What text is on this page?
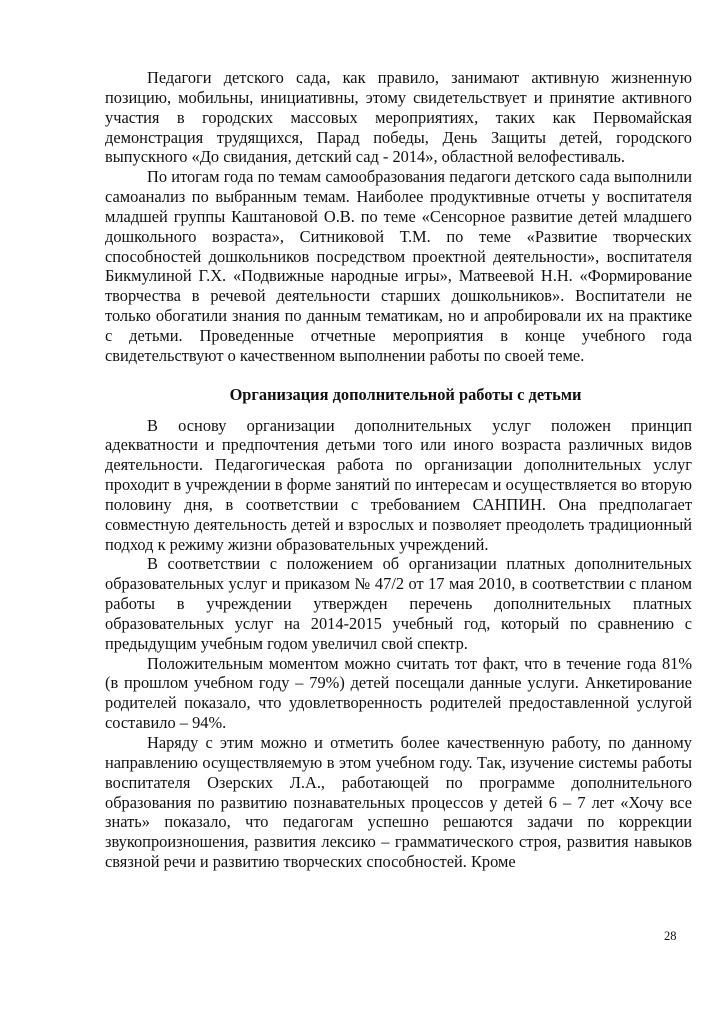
Педагоги детского сада, как правило, занимают активную жизненную позицию, мобильны, инициативны, этому свидетельствует и принятие активного участия в городских массовых мероприятиях, таких как Первомайская демонстрация трудящихся, Парад победы, День Защиты детей, городского выпускного «До свидания, детский сад - 2014», областной велофестиваль.

По итогам года по темам самообразования педагоги детского сада выполнили самоанализ по выбранным темам. Наиболее продуктивные отчеты у воспитателя младшей группы Каштановой О.В. по теме «Сенсорное развитие детей младшего дошкольного возраста», Ситниковой Т.М. по теме «Развитие творческих способностей дошкольников посредством проектной деятельности», воспитателя Бикмулиной Г.Х. «Подвижные народные игры», Матвеевой Н.Н. «Формирование творчества в речевой деятельности старших дошкольников». Воспитатели не только обогатили знания по данным тематикам, но и апробировали их на практике с детьми. Проведенные отчетные мероприятия в конце учебного года свидетельствуют о качественном выполнении работы по своей теме.

Организация дополнительной работы с детьми

В основу организации дополнительных услуг положен принцип адекватности и предпочтения детьми того или иного возраста различных видов деятельности. Педагогическая работа по организации дополнительных услуг проходит в учреждении в форме занятий по интересам и осуществляется во вторую половину дня, в соответствии с требованием САНПИН. Она предполагает совместную деятельность детей и взрослых и позволяет преодолеть традиционный подход к режиму жизни образовательных учреждений.

В соответствии с положением об организации платных дополнительных образовательных услуг и приказом № 47/2 от 17 мая 2010, в соответствии с планом работы в учреждении утвержден перечень дополнительных платных образовательных услуг на 2014-2015 учебный год, который по сравнению с предыдущим учебным годом увеличил свой спектр.

Положительным моментом можно считать тот факт, что в течение года 81% (в прошлом учебном году – 79%) детей посещали данные услуги. Анкетирование родителей показало, что удовлетворенность родителей предоставленной услугой составило – 94%.

Наряду с этим можно и отметить более качественную работу, по данному направлению осуществляемую в этом учебном году. Так, изучение системы работы воспитателя Озерских Л.А., работающей по программе дополнительного образования по развитию познавательных процессов у детей 6 – 7 лет «Хочу все знать» показало, что педагогам успешно решаются задачи по коррекции звукопроизношения, развития лексико – грамматического строя, развития навыков связной речи и развитию творческих способностей. Кроме

28
